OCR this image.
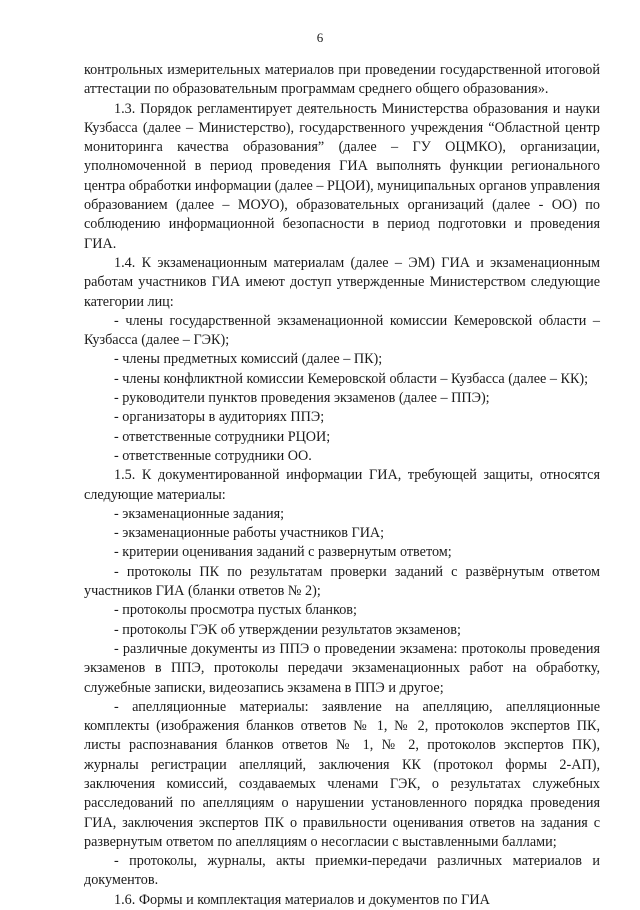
6

контрольных измерительных материалов при проведении государственной итоговой аттестации по образовательным программам среднего общего образования».

1.3. Порядок регламентирует деятельность Министерства образования и науки Кузбасса (далее – Министерство), государственного учреждения “Областной центр мониторинга качества образования” (далее – ГУ ОЦМКО), организации, уполномоченной в период проведения ГИА выполнять функции регионального центра обработки информации (далее – РЦОИ), муниципальных органов управления образованием (далее – МОУО), образовательных организаций (далее - ОО) по соблюдению информационной безопасности в период подготовки и проведения ГИА.

1.4. К экзаменационным материалам (далее – ЭМ) ГИА и экзаменационным работам участников ГИА имеют доступ утвержденные Министерством следующие категории лиц:

- члены государственной экзаменационной комиссии Кемеровской области – Кузбасса (далее – ГЭК);

- члены предметных комиссий (далее – ПК);

- члены конфликтной комиссии Кемеровской области – Кузбасса (далее – КК);

- руководители пунктов проведения экзаменов (далее – ППЭ);

- организаторы в аудиториях ППЭ;

- ответственные сотрудники РЦОИ;

- ответственные сотрудники ОО.

1.5. К документированной информации ГИА, требующей защиты, относятся следующие материалы:

- экзаменационные задания;

- экзаменационные работы участников ГИА;

- критерии оценивания заданий с развернутым ответом;

- протоколы ПК по результатам проверки заданий с развёрнутым ответом участников ГИА (бланки ответов № 2);

- протоколы просмотра пустых бланков;

- протоколы ГЭК об утверждении результатов экзаменов;

- различные документы из ППЭ о проведении экзамена: протоколы проведения экзаменов в ППЭ, протоколы передачи экзаменационных работ на обработку, служебные записки, видеозапись экзамена в ППЭ и другое;

- апелляционные материалы: заявление на апелляцию, апелляционные комплекты (изображения бланков ответов № 1, № 2, протоколов экспертов ПК, листы распознавания бланков ответов № 1, № 2, протоколов экспертов ПК), журналы регистрации апелляций, заключения КК (протокол формы 2-АП), заключения комиссий, создаваемых членами ГЭК, о результатах служебных расследований по апелляциям о нарушении установленного порядка проведения ГИА, заключения экспертов ПК о правильности оценивания ответов на задания с развернутым ответом по апелляциям о несогласии с выставленными баллами;

- протоколы, журналы, акты приемки-передачи различных материалов и документов.

1.6. Формы и комплектация материалов и документов по ГИА
